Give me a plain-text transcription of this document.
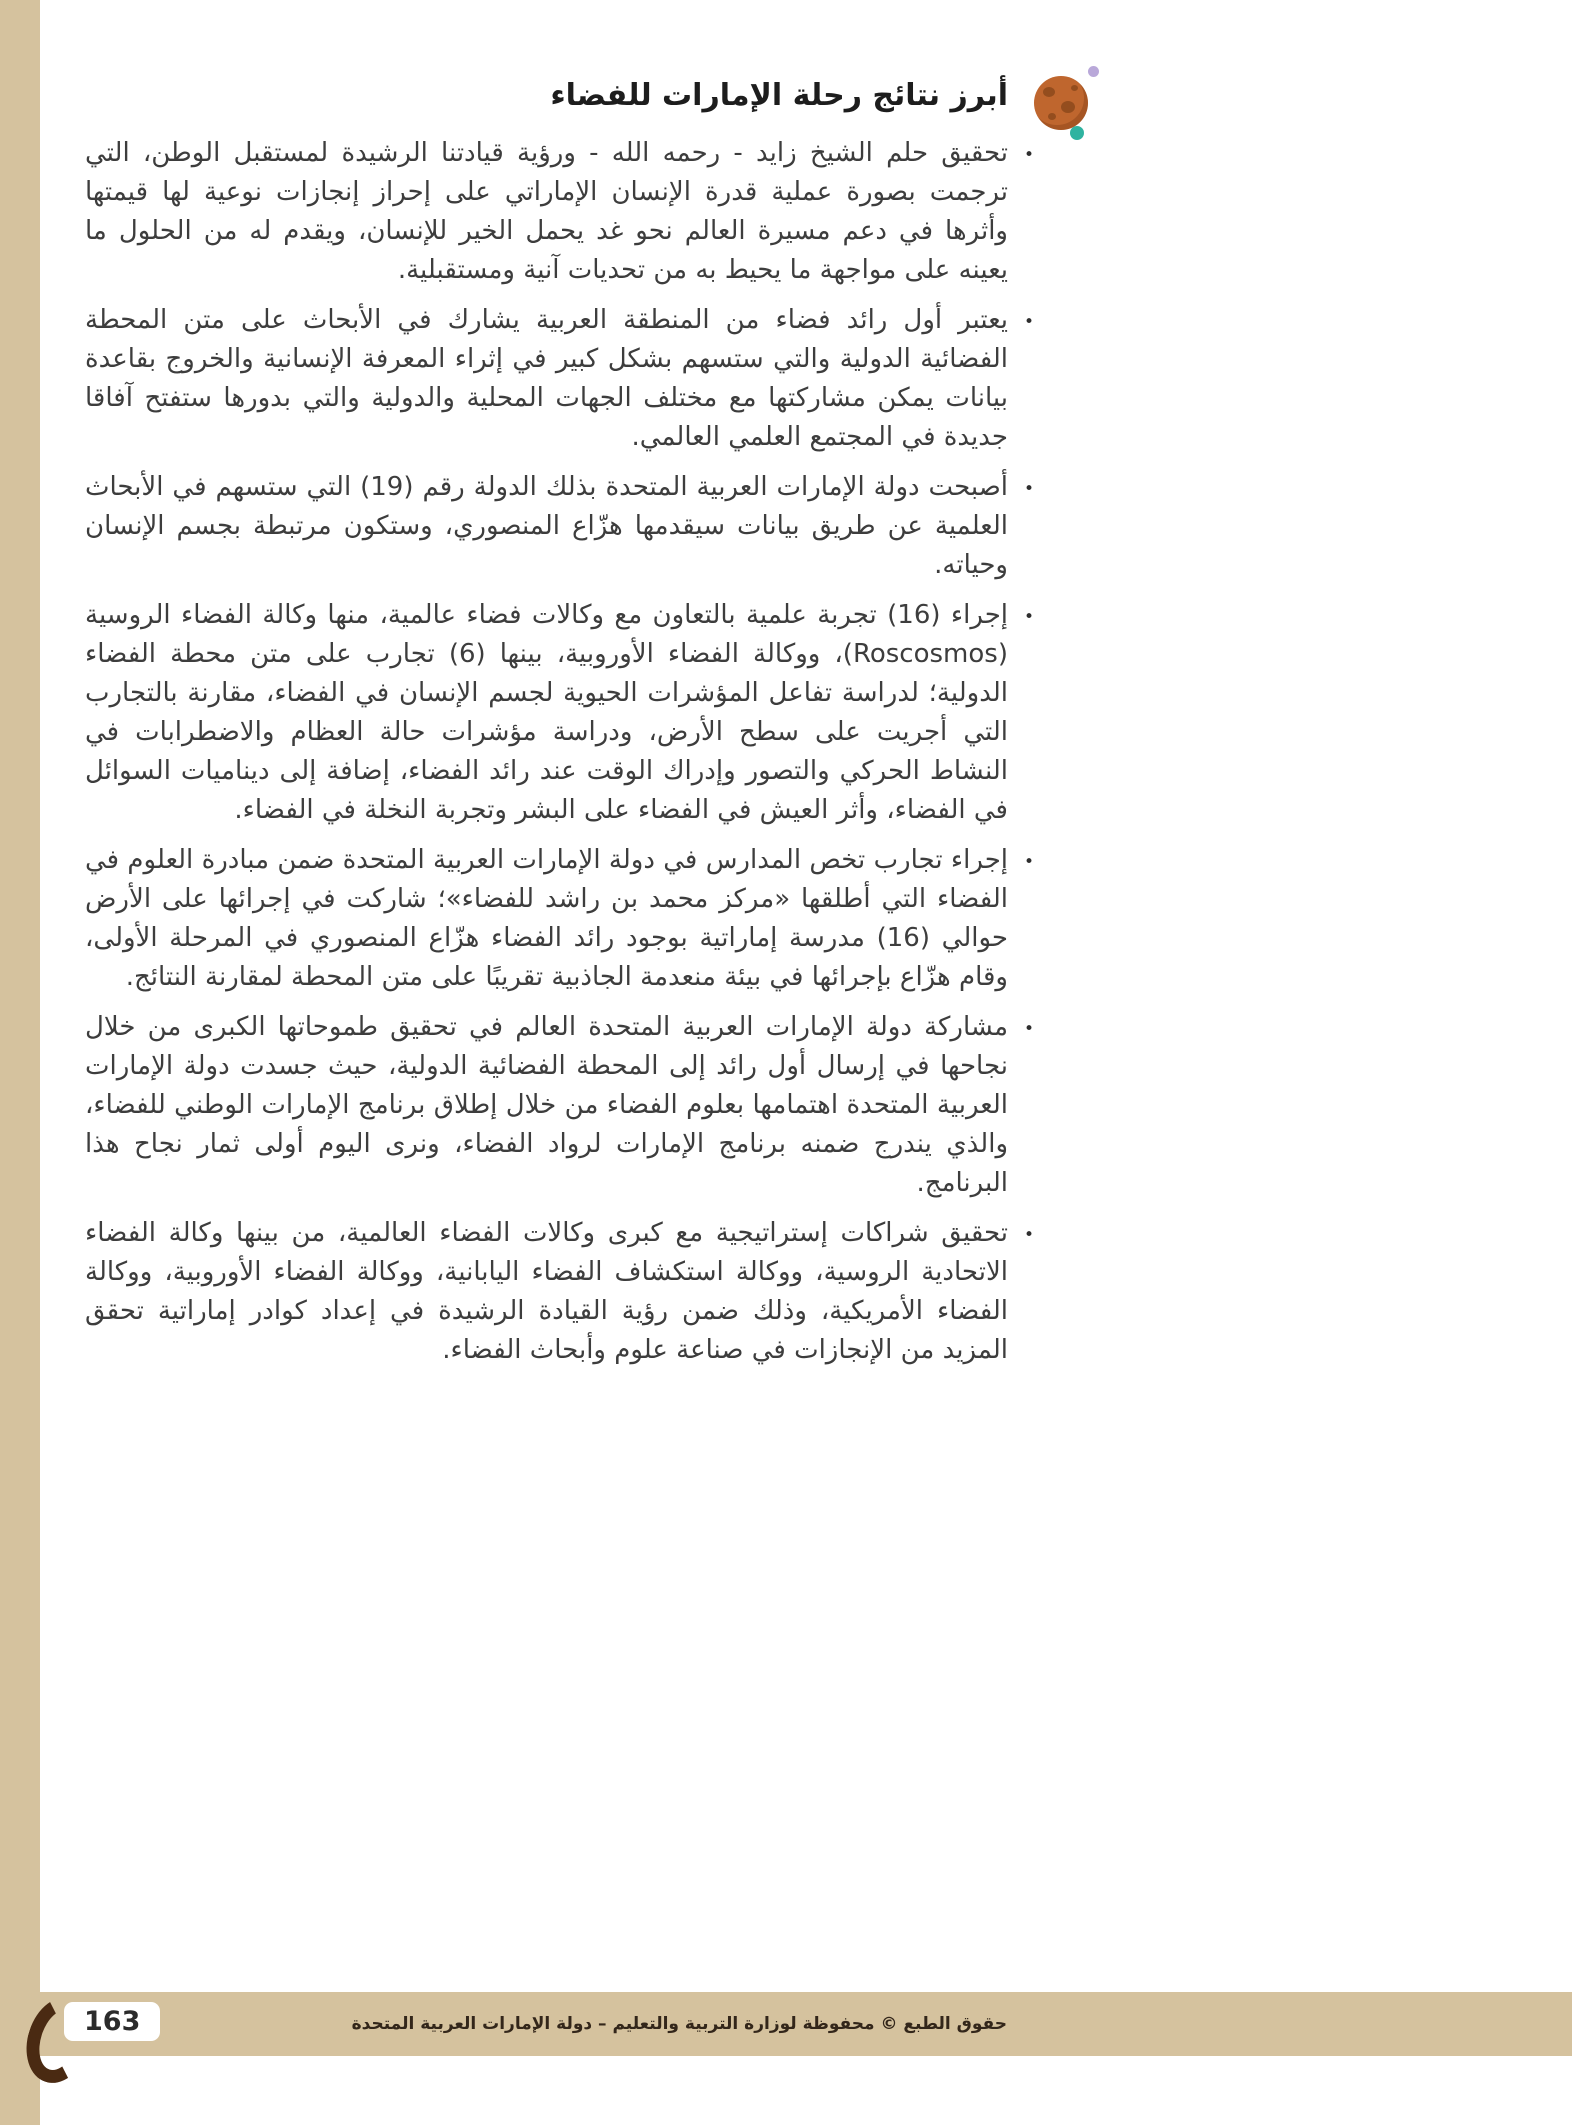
أبرز نتائج رحلة الإمارات للفضاء
• تحقيق حلم الشيخ زايد - رحمه الله - ورؤية قيادتنا الرشيدة لمستقبل الوطن، التي ترجمت بصورة عملية قدرة الإنسان الإماراتي على إحراز إنجازات نوعية لها قيمتها وأثرها في دعم مسيرة العالم نحو غد يحمل الخير للإنسان، ويقدم له من الحلول ما يعينه على مواجهة ما يحيط به من تحديات آنية ومستقبلية.
• يعتبر أول رائد فضاء من المنطقة العربية يشارك في الأبحاث على متن المحطة الفضائية الدولية والتي ستسهم بشكل كبير في إثراء المعرفة الإنسانية والخروج بقاعدة بيانات يمكن مشاركتها مع مختلف الجهات المحلية والدولية والتي بدورها ستفتح آفاقا جديدة في المجتمع العلمي العالمي.
• أصبحت دولة الإمارات العربية المتحدة بذلك الدولة رقم (19) التي ستسهم في الأبحاث العلمية عن طريق بيانات سيقدمها هزّاع المنصوري، وستكون مرتبطة بجسم الإنسان وحياته.
• إجراء (16) تجربة علمية بالتعاون مع وكالات فضاء عالمية، منها وكالة الفضاء الروسية (Roscosmos)، ووكالة الفضاء الأوروبية، بينها (6) تجارب على متن محطة الفضاء الدولية؛ لدراسة تفاعل المؤشرات الحيوية لجسم الإنسان في الفضاء، مقارنة بالتجارب التي أجريت على سطح الأرض، ودراسة مؤشرات حالة العظام والاضطرابات في النشاط الحركي والتصور وإدراك الوقت عند رائد الفضاء، إضافة إلى ديناميات السوائل في الفضاء، وأثر العيش في الفضاء على البشر وتجربة النخلة في الفضاء.
• إجراء تجارب تخص المدارس في دولة الإمارات العربية المتحدة ضمن مبادرة العلوم في الفضاء التي أطلقها «مركز محمد بن راشد للفضاء»؛ شاركت في إجرائها على الأرض حوالي (16) مدرسة إماراتية بوجود رائد الفضاء هزّاع المنصوري في المرحلة الأولى، وقام هزّاع بإجرائها في بيئة منعدمة الجاذبية تقريبًا على متن المحطة لمقارنة النتائج.
• مشاركة دولة الإمارات العربية المتحدة العالم في تحقيق طموحاتها الكبرى من خلال نجاحها في إرسال أول رائد إلى المحطة الفضائية الدولية، حيث جسدت دولة الإمارات العربية المتحدة اهتمامها بعلوم الفضاء من خلال إطلاق برنامج الإمارات الوطني للفضاء، والذي يندرج ضمنه برنامج الإمارات لرواد الفضاء، ونرى اليوم أولى ثمار نجاح هذا البرنامج.
• تحقيق شراكات إستراتيجية مع كبرى وكالات الفضاء العالمية، من بينها وكالة الفضاء الاتحادية الروسية، ووكالة استكشاف الفضاء اليابانية، ووكالة الفضاء الأوروبية، ووكالة الفضاء الأمريكية، وذلك ضمن رؤية القيادة الرشيدة في إعداد كوادر إماراتية تحقق المزيد من الإنجازات في صناعة علوم وأبحاث الفضاء.
163	حقوق الطبع © محفوظة لوزارة التربية والتعليم – دولة الإمارات العربية المتحدة
